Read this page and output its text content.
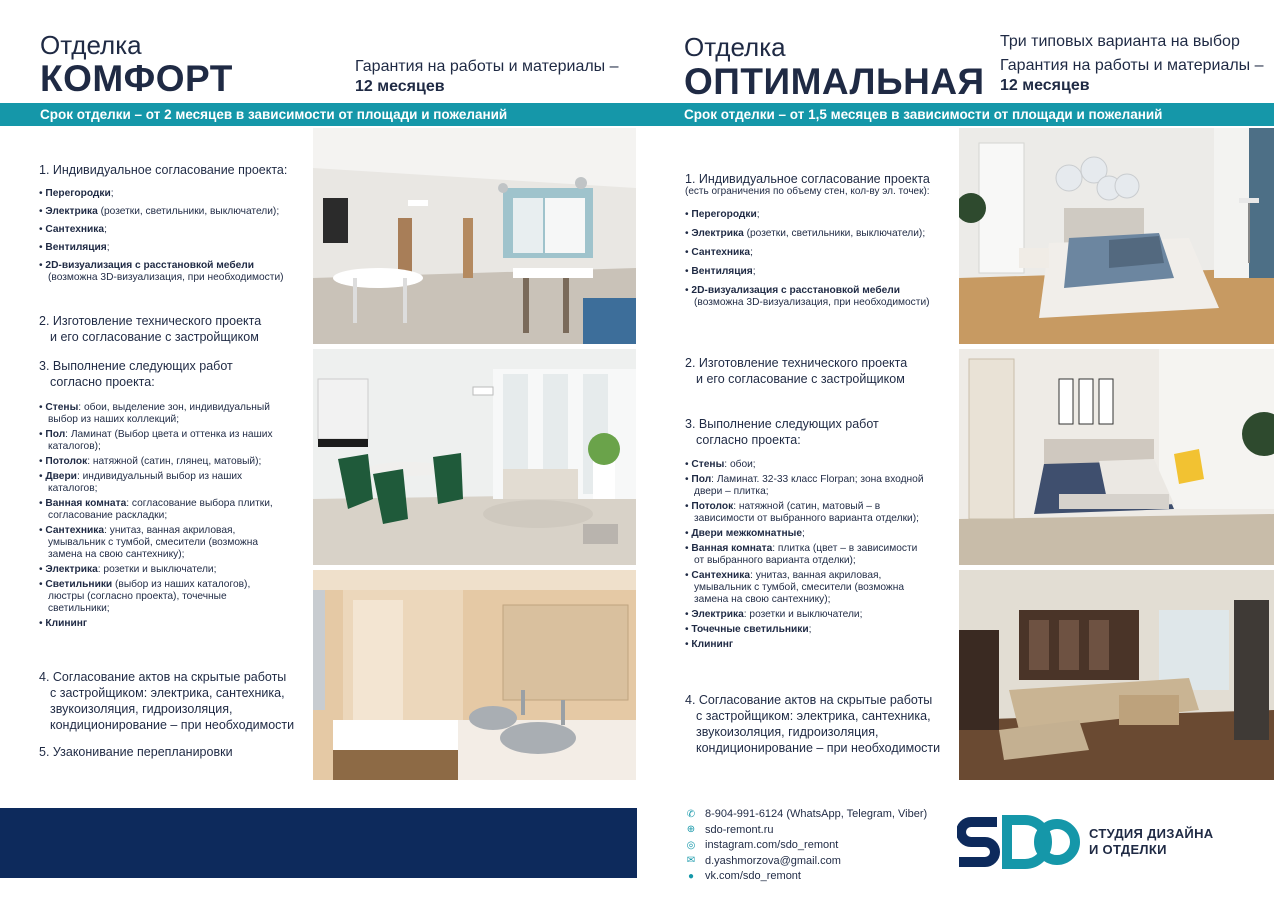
Отделка
КОМФОРТ	Гарантия на работы и материалы –
12 месяцев
Срок отделки – от 2 месяцев в зависимости от площади и пожеланий
1. Индивидуальное согласование проекта:
• Перегородки;
• Электрика (розетки, светильники, выключатели);
• Сантехника;
• Вентиляция;
• 2D-визуализация с расстановкой мебели
(возможна 3D-визуализация, при необходимости)
2. Изготовление технического проекта
и его согласование с застройщиком
3. Выполнение следующих работ
согласно проекта:
• Стены: обои, выделение зон, индивидуальный
выбор из наших коллекций;
• Пол: Ламинат (Выбор цвета и оттенка из наших
каталогов);
• Потолок: натяжной (сатин, глянец, матовый);
• Двери: индивидуальный выбор из наших
каталогов;
• Ванная комната: согласование выбора плитки,
согласование раскладки;
• Сантехника: унитаз, ванная акриловая,
умывальник с тумбой, смесители (возможна
замена на свою сантехнику);
• Электрика: розетки и выключатели;
• Светильники (выбор из наших каталогов),
люстры (согласно проекта), точечные
светильники;
• Клининг
4. Согласование актов на скрытые работы
с застройщиком: электрика, сантехника,
звукоизоляция, гидроизоляция,
кондиционирование – при необходимости
5. Узаконивание перепланировки
Отделка
ОПТИМАЛЬНАЯ
Три типовых варианта на выбор
Гарантия на работы и материалы –
12 месяцев
Срок отделки – от 1,5 месяцев в зависимости от площади и пожеланий
1. Индивидуальное согласование проекта
(есть ограничения по объему стен, кол-ву эл. точек):
• Перегородки;
• Электрика (розетки, светильники, выключатели);
• Сантехника;
• Вентиляция;
• 2D-визуализация с расстановкой мебели
(возможна 3D-визуализация, при необходимости)
2. Изготовление технического проекта
и его согласование с застройщиком
3. Выполнение следующих работ
согласно проекта:
• Стены: обои;
• Пол: Ламинат. 32-33 класс Florpan; зона входной
двери – плитка;
• Потолок: натяжной (сатин, матовый – в
зависимости от выбранного варианта отделки);
• Двери межкомнатные;
• Ванная комната: плитка (цвет – в зависимости
от выбранного варианта отделки);
• Сантехника: унитаз, ванная акриловая,
умывальник с тумбой, смесители (возможна
замена на свою сантехнику);
• Электрика: розетки и выключатели;
• Точечные светильники;
• Клининг
4. Согласование актов на скрытые работы
с застройщиком: электрика, сантехника,
звукоизоляция, гидроизоляция,
кондиционирование – при необходимости
✆ 8-904-991-6124 (WhatsApp, Telegram, Viber)
⊕ sdo-remont.ru
◎ instagram.com/sdo_remont
✉ d.yashmorzova@gmail.com
● vk.com/sdo_remont
СТУДИЯ ДИЗАЙНА
И ОТДЕЛКИ
